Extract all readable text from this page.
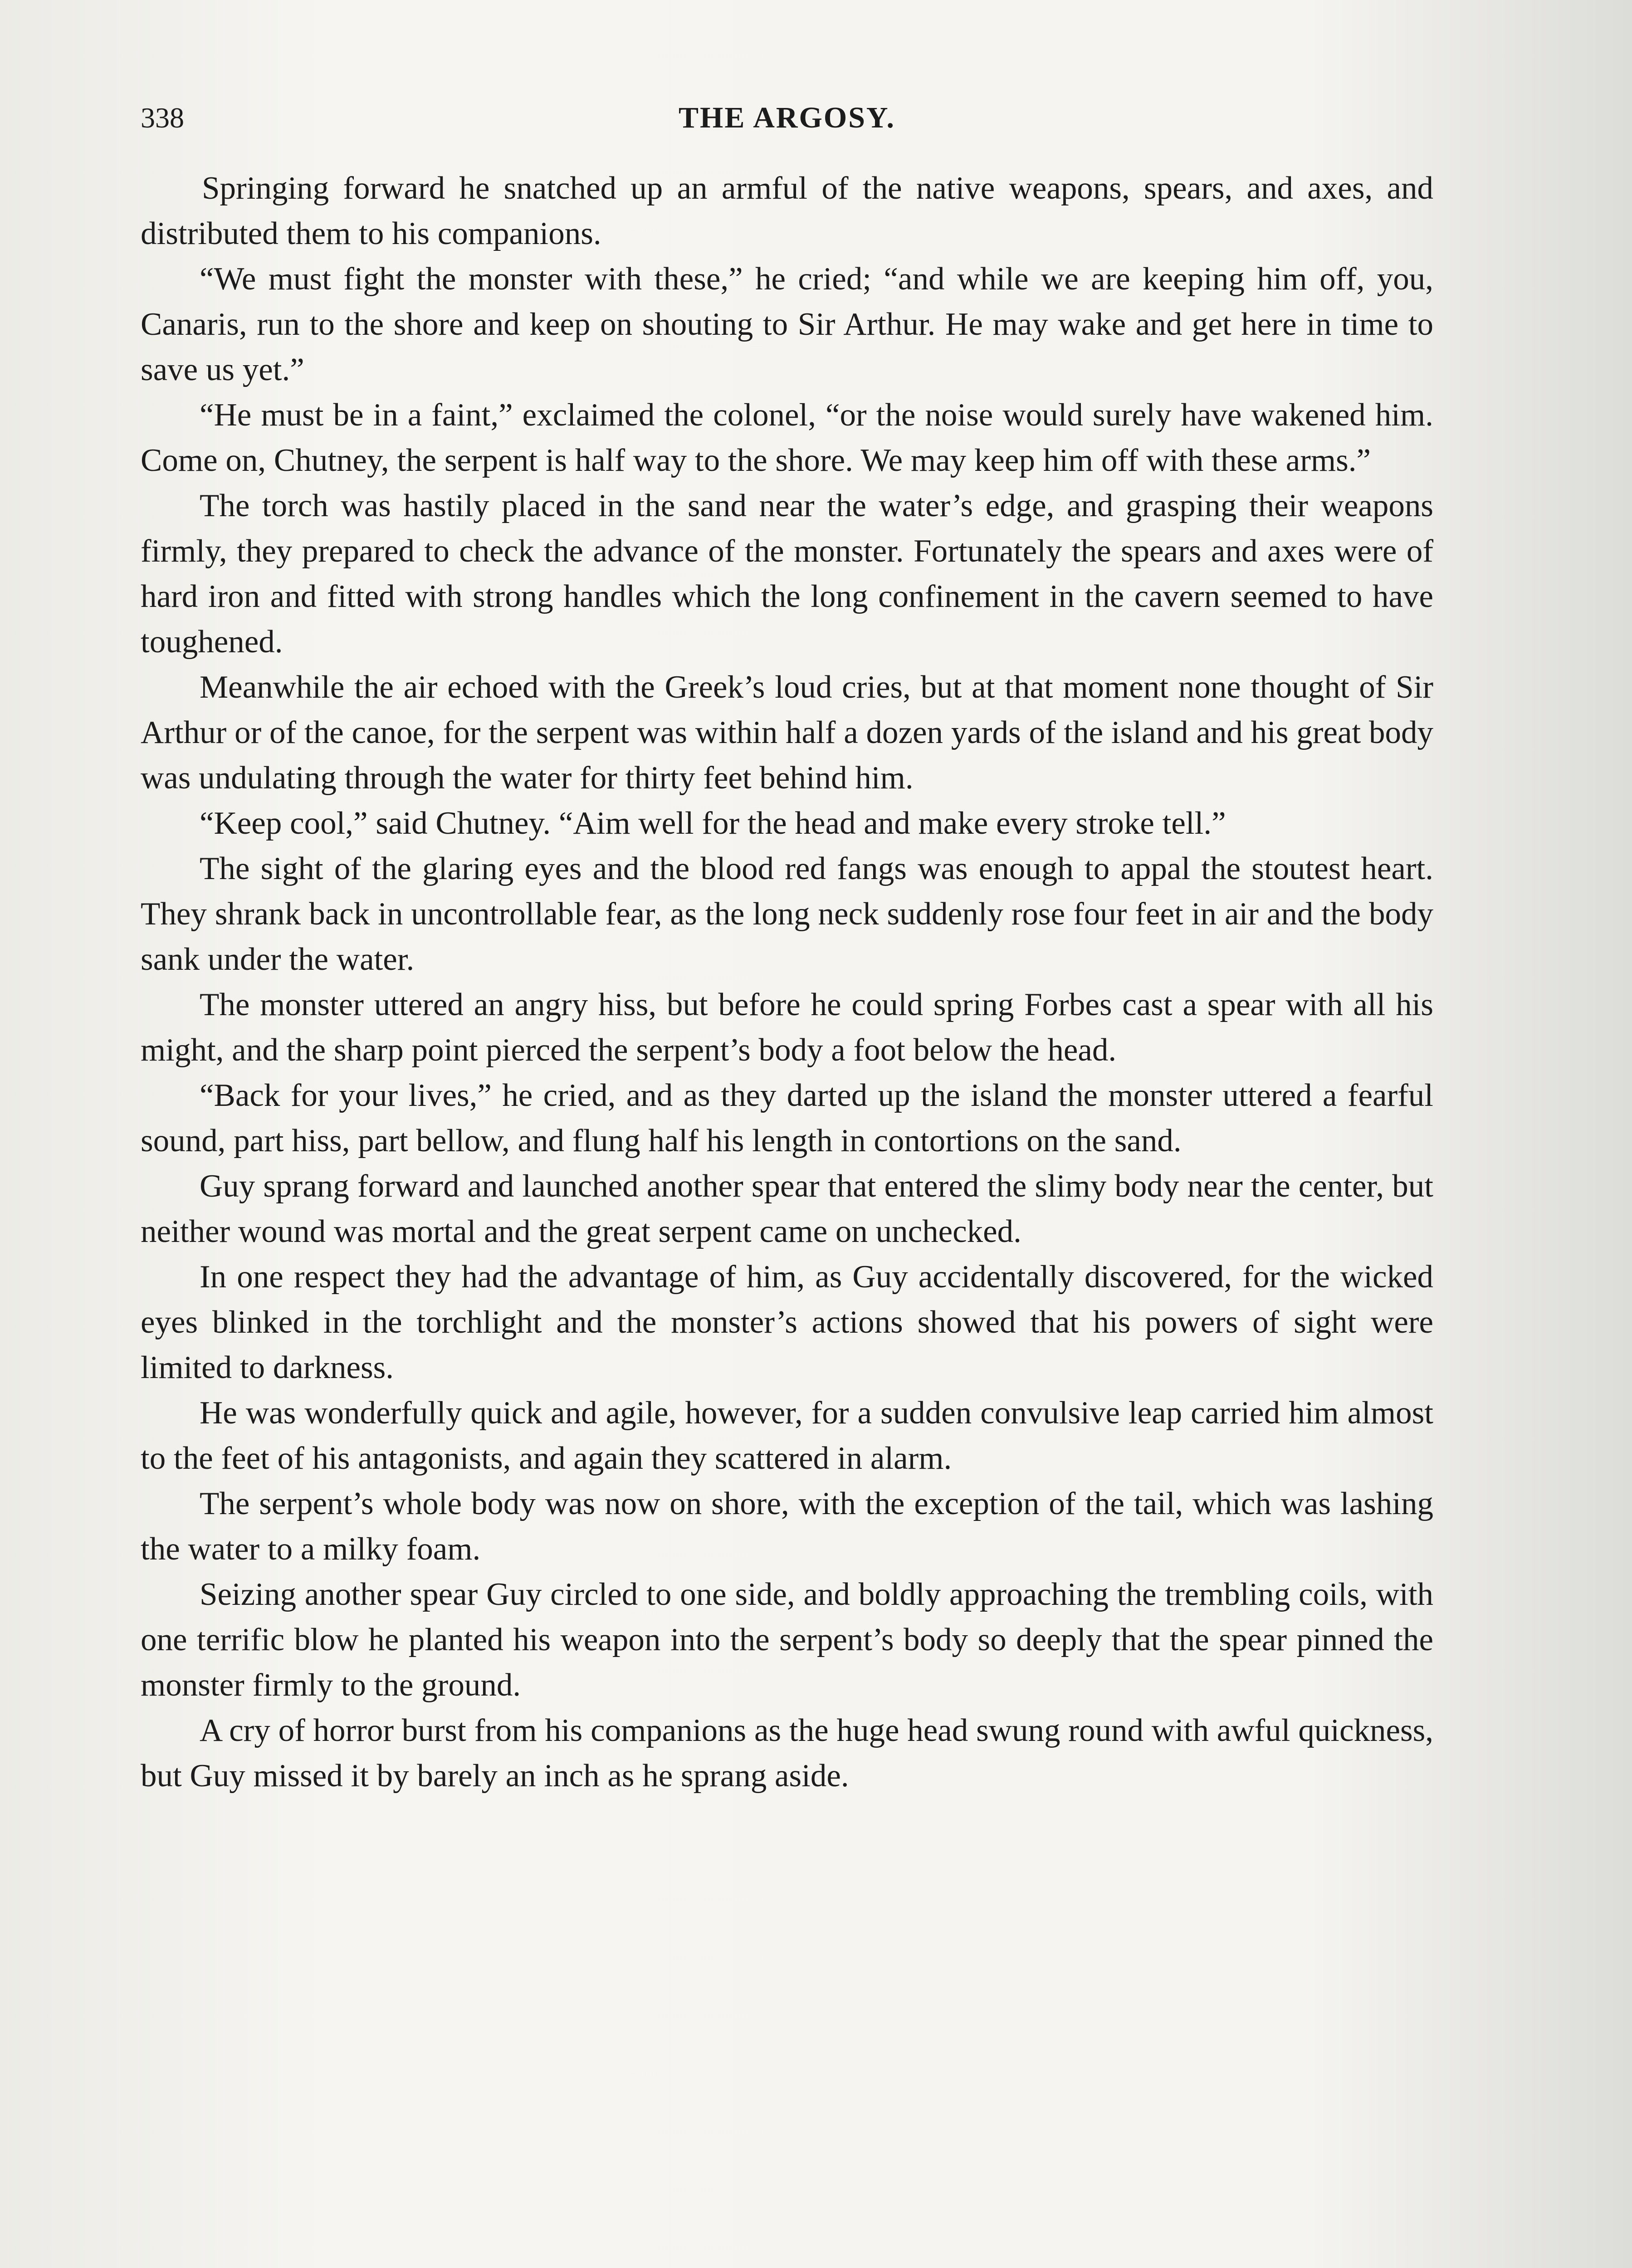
338	THE ARGOSY.

Springing forward he snatched up an armful of the native weapons, spears, and axes, and distributed them to his companions.

“We must fight the monster with these,” he cried; “and while we are keeping him off, you, Canaris, run to the shore and keep on shouting to Sir Arthur. He may wake and get here in time to save us yet.”

“He must be in a faint,” exclaimed the colonel, “or the noise would surely have wakened him. Come on, Chutney, the serpent is half way to the shore. We may keep him off with these arms.”

The torch was hastily placed in the sand near the water’s edge, and grasping their weapons firmly, they prepared to check the advance of the monster. Fortunately the spears and axes were of hard iron and fitted with strong handles which the long confinement in the cavern seemed to have toughened.

Meanwhile the air echoed with the Greek’s loud cries, but at that moment none thought of Sir Arthur or of the canoe, for the serpent was within half a dozen yards of the island and his great body was undulating through the water for thirty feet behind him.

“Keep cool,” said Chutney. “Aim well for the head and make every stroke tell.”

The sight of the glaring eyes and the blood red fangs was enough to appal the stoutest heart. They shrank back in uncontrollable fear, as the long neck suddenly rose four feet in air and the body sank under the water.

The monster uttered an angry hiss, but before he could spring Forbes cast a spear with all his might, and the sharp point pierced the serpent’s body a foot below the head.

“Back for your lives,” he cried, and as they darted up the island the monster uttered a fearful sound, part hiss, part bellow, and flung half his length in contortions on the sand.

Guy sprang forward and launched another spear that entered the slimy body near the center, but neither wound was mortal and the great serpent came on unchecked.

In one respect they had the advantage of him, as Guy accidentally discovered, for the wicked eyes blinked in the torchlight and the monster’s actions showed that his powers of sight were limited to darkness.

He was wonderfully quick and agile, however, for a sudden convulsive leap carried him almost to the feet of his antagonists, and again they scattered in alarm.

The serpent’s whole body was now on shore, with the exception of the tail, which was lashing the water to a milky foam.

Seizing another spear Guy circled to one side, and boldly approaching the trembling coils, with one terrific blow he planted his weapon into the serpent’s body so deeply that the spear pinned the monster firmly to the ground.

A cry of horror burst from his companions as the huge head swung round with awful quickness, but Guy missed it by barely an inch as he sprang aside.
